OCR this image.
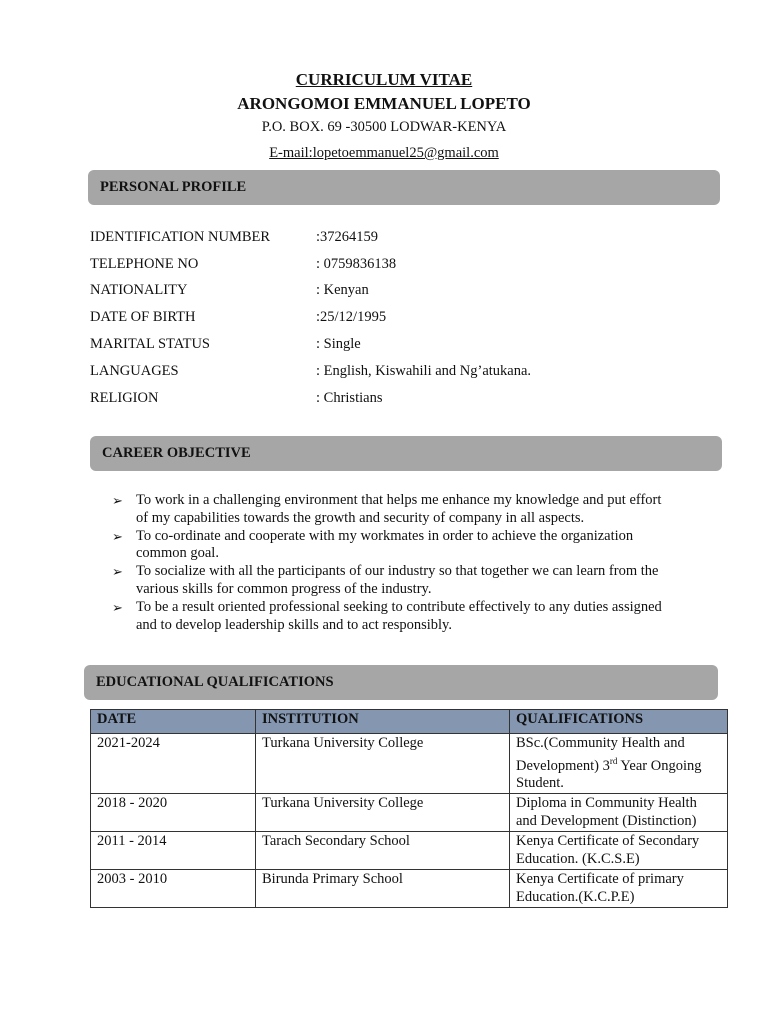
CURRICULUM VITAE
ARONGOMOI EMMANUEL LOPETO
P.O. BOX. 69 -30500 LODWAR-KENYA
E-mail:lopetoemmanuel25@gmail.com
PERSONAL PROFILE
IDENTIFICATION NUMBER	:37264159
TELEPHONE NO	: 0759836138
NATIONALITY	: Kenyan
DATE OF BIRTH	:25/12/1995
MARITAL STATUS	: Single
LANGUAGES	: English, Kiswahili and Ng’atukana.
RELIGION	: Christians
CAREER OBJECTIVE
➢ To work in a challenging environment that helps me enhance my knowledge and put effort of my capabilities towards the growth and security of company in all aspects.
➢ To co-ordinate and cooperate with my workmates in order to achieve the organization common goal.
➢ To socialize with all the participants of our industry so that together we can learn from the various skills for common progress of the industry.
➢ To be a result oriented professional seeking to contribute effectively to any duties assigned and to develop leadership skills and to act responsibly.
EDUCATIONAL QUALIFICATIONS
DATE	INSTITUTION	QUALIFICATIONS
2021-2024	Turkana University College	BSc.(Community Health and Development) 3rd Year Ongoing Student.
2018 - 2020	Turkana University College	Diploma in Community Health and Development (Distinction)
2011 - 2014	Tarach Secondary School	Kenya Certificate of Secondary Education. (K.C.S.E)
2003 - 2010	Birunda Primary School	Kenya Certificate of primary Education.(K.C.P.E)
